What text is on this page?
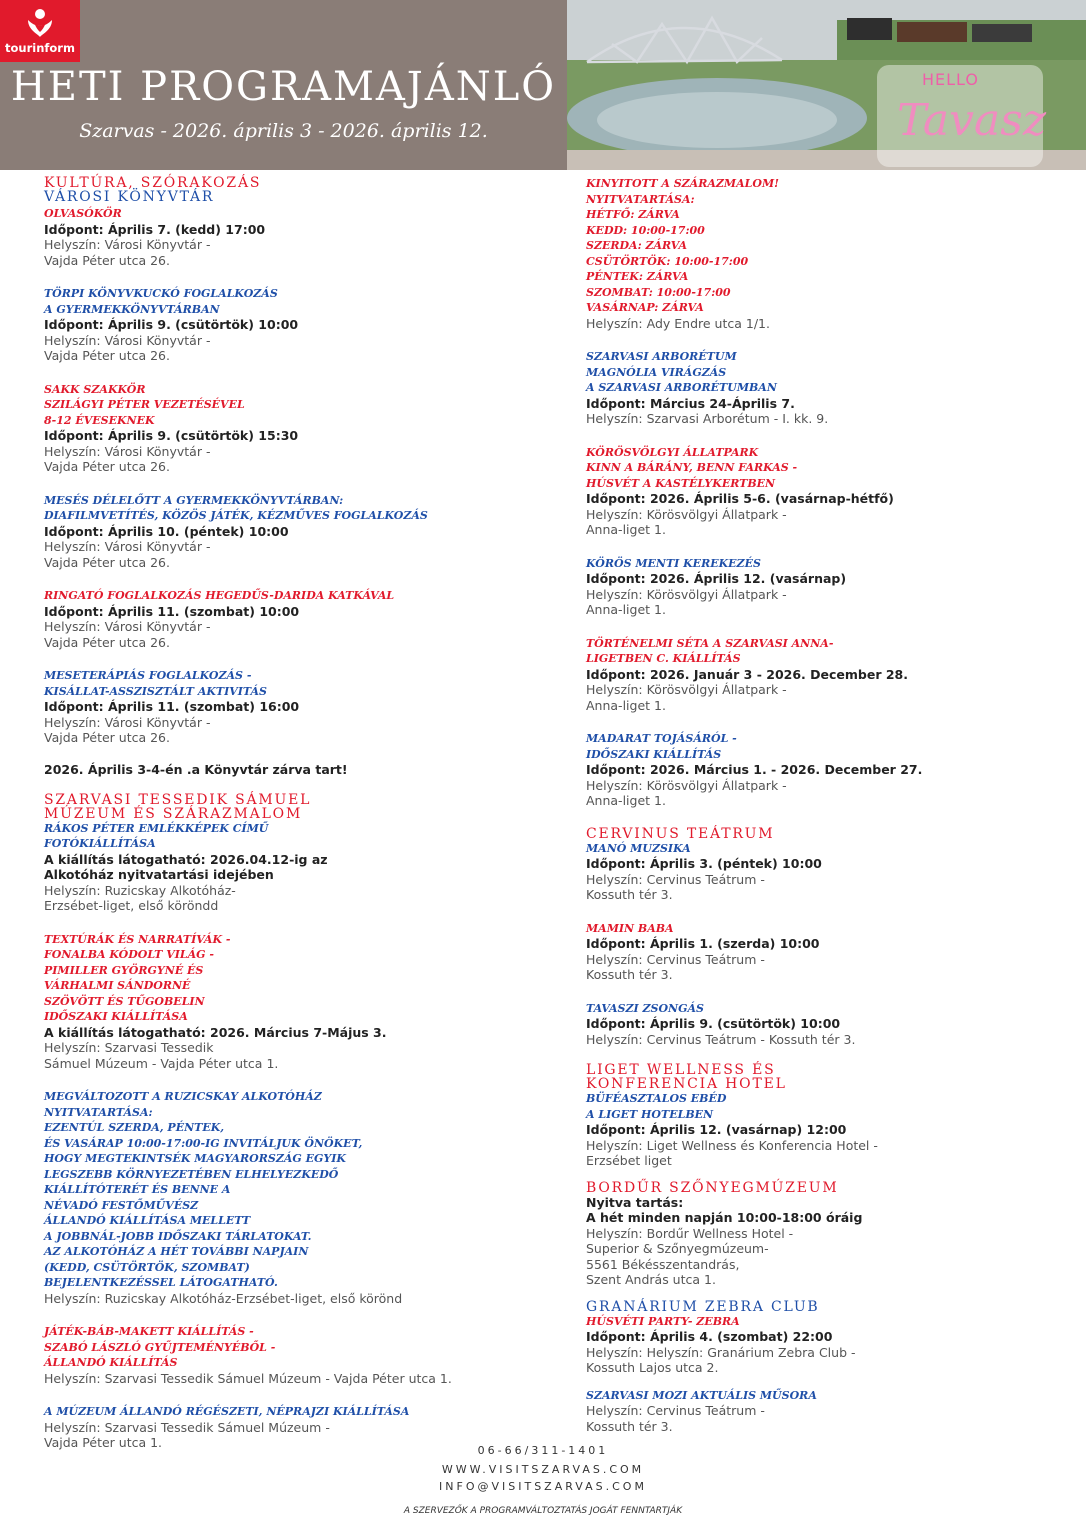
tourinform
HETI PROGRAMAJÁNLÓ
Szarvas - 2026. április 3 - 2026. április 12.
HELLO
Tavasz
KULTÚRA, SZÓRAKOZÁS
VÁROSI KÖNYVTÁR
OLVASÓKÖR
Időpont: Április 7. (kedd) 17:00
Helyszín: Városi Könyvtár -
Vajda Péter utca 26.
TÖRPI KÖNYVKUCKÓ FOGLALKOZÁS
A GYERMEKKÖNYVTÁRBAN
Időpont: Április 9. (csütörtök) 10:00
Helyszín: Városi Könyvtár -
Vajda Péter utca 26.
SAKK SZAKKÖR
SZILÁGYI PÉTER VEZETÉSÉVEL
8-12 ÉVESEKNEK
Időpont: Április 9. (csütörtök) 15:30
Helyszín: Városi Könyvtár -
Vajda Péter utca 26.
MESÉS DÉLELŐTT A GYERMEKKÖNYVTÁRBAN:
DIAFILMVETÍTÉS, KÖZÖS JÁTÉK, KÉZMŰVES FOGLALKOZÁS
Időpont: Április 10. (péntek) 10:00
Helyszín: Városi Könyvtár -
Vajda Péter utca 26.
RINGATÓ FOGLALKOZÁS HEGEDŰS-DARIDA KATKÁVAL
Időpont: Április 11. (szombat) 10:00
Helyszín: Városi Könyvtár -
Vajda Péter utca 26.
MESETERÁPIÁS FOGLALKOZÁS -
KISÁLLAT-ASSZISZTÁLT AKTIVITÁS
Időpont: Április 11. (szombat) 16:00
Helyszín: Városi Könyvtár -
Vajda Péter utca 26.
2026. Április 3-4-én .a Könyvtár zárva tart!
SZARVASI TESSEDIK SÁMUEL
MÚZEUM ÉS SZÁRAZMALOM
RÁKOS PÉTER EMLÉKKÉPEK CÍMŰ
FOTÓKIÁLLÍTÁSA
A kiállítás látogatható: 2026.04.12-ig az
Alkotóház nyitvatartási idejében
Helyszín: Ruzicskay Alkotóház-
Erzsébet-liget, első köröndd
TEXTÚRÁK ÉS NARRATÍVÁK -
FONALBA KÓDOLT VILÁG -
PIMILLER GYÖRGYNÉ ÉS
VÁRHALMI SÁNDORNÉ
SZÖVÖTT ÉS TŰGOBELIN
IDŐSZAKI KIÁLLÍTÁSA
A kiállítás látogatható: 2026. Március 7-Május 3.
Helyszín: Szarvasi Tessedik
Sámuel Múzeum - Vajda Péter utca 1.
MEGVÁLTOZOTT A RUZICSKAY ALKOTÓHÁZ
NYITVATARTÁSA:
EZENTÚL SZERDA, PÉNTEK,
ÉS VASÁRAP 10:00-17:00-IG INVITÁLJUK ÖNÖKET,
HOGY MEGTEKINTSÉK MAGYARORSZÁG EGYIK
LEGSZEBB KÖRNYEZETÉBEN ELHELYEZKEDŐ
KIÁLLÍTÓTERÉT ÉS BENNE A
NÉVADÓ FESTŐMŰVÉSZ
ÁLLANDÓ KIÁLLÍTÁSA MELLETT
A JOBBNÁL-JOBB IDŐSZAKI TÁRLATOKAT.
AZ ALKOTÓHÁZ A HÉT TOVÁBBI NAPJAIN
(KEDD, CSÜTÖRTÖK, SZOMBAT)
BEJELENTKEZÉSSEL LÁTOGATHATÓ.
Helyszín: Ruzicskay Alkotóház-Erzsébet-liget, első körönd
JÁTÉK-BÁB-MAKETT KIÁLLÍTÁS -
SZABÓ LÁSZLÓ GYŰJTEMÉNYÉBŐL -
ÁLLANDÓ KIÁLLÍTÁS
Helyszín: Szarvasi Tessedik Sámuel Múzeum - Vajda Péter utca 1.
A MÚZEUM ÁLLANDÓ RÉGÉSZETI, NÉPRAJZI KIÁLLÍTÁSA
Helyszín: Szarvasi Tessedik Sámuel Múzeum -
Vajda Péter utca 1.
KINYITOTT A SZÁRAZMALOM!
NYITVATARTÁSA:
HÉTFŐ: ZÁRVA
KEDD: 10:00-17:00
SZERDA: ZÁRVA
CSÜTÖRTÖK: 10:00-17:00
PÉNTEK: ZÁRVA
SZOMBAT: 10:00-17:00
VASÁRNAP: ZÁRVA
Helyszín: Ady Endre utca 1/1.
SZARVASI ARBORÉTUM
MAGNÓLIA VIRÁGZÁS
A SZARVASI ARBORÉTUMBAN
Időpont: Március 24-Április 7.
Helyszín: Szarvasi Arborétum - I. kk. 9.
KÖRÖSVÖLGYI ÁLLATPARK
KINN A BÁRÁNY, BENN FARKAS -
HÚSVÉT A KASTÉLYKERTBEN
Időpont: 2026. Április 5-6. (vasárnap-hétfő)
Helyszín: Körösvölgyi Állatpark -
Anna-liget 1.
KÖRÖS MENTI KEREKEZÉS
Időpont: 2026. Április 12. (vasárnap)
Helyszín: Körösvölgyi Állatpark -
Anna-liget 1.
TÖRTÉNELMI SÉTA A SZARVASI ANNA-
LIGETBEN C. KIÁLLÍTÁS
Időpont: 2026. Január 3 - 2026. December 28.
Helyszín: Körösvölgyi Állatpark -
Anna-liget 1.
MADARAT TOJÁSÁRÓL -
IDŐSZAKI KIÁLLÍTÁS
Időpont: 2026. Március 1. - 2026. December 27.
Helyszín: Körösvölgyi Állatpark -
Anna-liget 1.
CERVINUS TEÁTRUM
MANÓ MUZSIKA
Időpont: Április 3. (péntek) 10:00
Helyszín: Cervinus Teátrum -
Kossuth tér 3.
MAMIN BABA
Időpont: Április 1. (szerda) 10:00
Helyszín: Cervinus Teátrum -
Kossuth tér 3.
TAVASZI ZSONGÁS
Időpont: Április 9. (csütörtök) 10:00
Helyszín: Cervinus Teátrum - Kossuth tér 3.
LIGET WELLNESS ÉS
KONFERENCIA HOTEL
BÜFÉASZTALOS EBÉD
A LIGET HOTELBEN
Időpont: Április 12. (vasárnap) 12:00
Helyszín: Liget Wellness és Konferencia Hotel -
Erzsébet liget
BORDŰR SZŐNYEGMÚZEUM
Nyitva tartás:
A hét minden napján 10:00-18:00 óráig
Helyszín: Bordűr Wellness Hotel -
Superior & Szőnyegmúzeum-
5561 Békésszentandrás,
Szent András utca 1.
GRANÁRIUM ZEBRA CLUB
HÚSVÉTI PARTY- ZEBRA
Időpont: Április 4. (szombat) 22:00
Helyszín: Helyszín: Granárium Zebra Club -
Kossuth Lajos utca 2.
SZARVASI MOZI AKTUÁLIS MŰSORA
Helyszín: Cervinus Teátrum -
Kossuth tér 3.
06-66/311-1401
WWW.VISITSZARVAS.COM
INFO@VISITSZARVAS.COM
A SZERVEZŐK A PROGRAMVÁLTOZTATÁS JOGÁT FENNTARTJÁK
